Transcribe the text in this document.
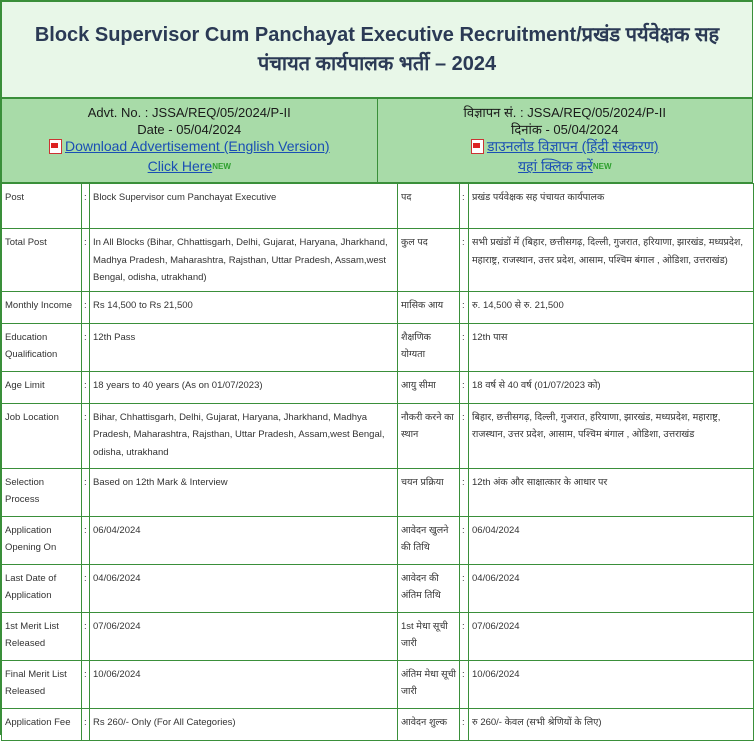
Block Supervisor Cum Panchayat Executive Recruitment/प्रखंड पर्यवेक्षक सह पंचायत कार्यपालक भर्ती – 2024
Advt. No. : JSSA/REQ/05/2024/P-II
Date - 05/04/2024
Download Advertisement (English Version)
Click Here $^{NEW}$
विज्ञापन सं. : JSSA/REQ/05/2024/P-II
दिनांक - 05/04/2024
डाउनलोड विज्ञापन (हिंदी संस्करण)
यहां क्लिक करें $^{NEW}$
Post	:	Block Supervisor cum Panchayat Executive	पद	:	प्रखंड पर्यवेक्षक सह पंचायत कार्यपालक
Total Post	:	In All Blocks (Bihar, Chhattisgarh, Delhi, Gujarat, Haryana, Jharkhand, Madhya Pradesh, Maharashtra, Rajsthan, Uttar Pradesh, Assam,west Bengal, odisha, utrakhand)	कुल पद	:	सभी प्रखंडों में (बिहार, छत्तीसगढ़, दिल्ली, गुजरात, हरियाणा, झारखंड, मध्यप्रदेश, महाराष्ट्र, राजस्थान, उत्तर प्रदेश, आसाम, पश्चिम बंगाल , ओडिशा, उत्तराखंड)
Monthly Income	:	Rs 14,500 to Rs 21,500	मासिक आय	:	रु. 14,500 से रु. 21,500
Education Qualification	:	12th Pass	शैक्षणिक योग्यता	:	12th पास
Age Limit	:	18 years to 40 years (As on 01/07/2023)	आयु सीमा	:	18 वर्ष से 40 वर्ष (01/07/2023 को)
Job Location	:	Bihar, Chhattisgarh, Delhi, Gujarat, Haryana, Jharkhand, Madhya Pradesh, Maharashtra, Rajsthan, Uttar Pradesh, Assam,west Bengal, odisha, utrakhand	नौकरी करने का स्थान	:	बिहार, छत्तीसगढ़, दिल्ली, गुजरात, हरियाणा, झारखंड, मध्यप्रदेश, महाराष्ट्र, राजस्थान, उत्तर प्रदेश, आसाम, पश्चिम बंगाल , ओडिशा, उत्तराखंड
Selection Process	:	Based on 12th Mark & Interview	चयन प्रक्रिया	:	12th अंक और साक्षात्कार के आधार पर
Application Opening On	:	06/04/2024	आवेदन खुलने की तिथि	:	06/04/2024
Last Date of Application	:	04/06/2024	आवेदन की अंतिम तिथि	:	04/06/2024
1st Merit List Released	:	07/06/2024	1st मेधा सूची जारी	:	07/06/2024
Final Merit List Released	:	10/06/2024	अंतिम मेधा सूची जारी	:	10/06/2024
Application Fee	:	Rs 260/- Only (For All Categories)	आवेदन शुल्क	:	रु 260/- केवल (सभी श्रेणियों के लिए)
